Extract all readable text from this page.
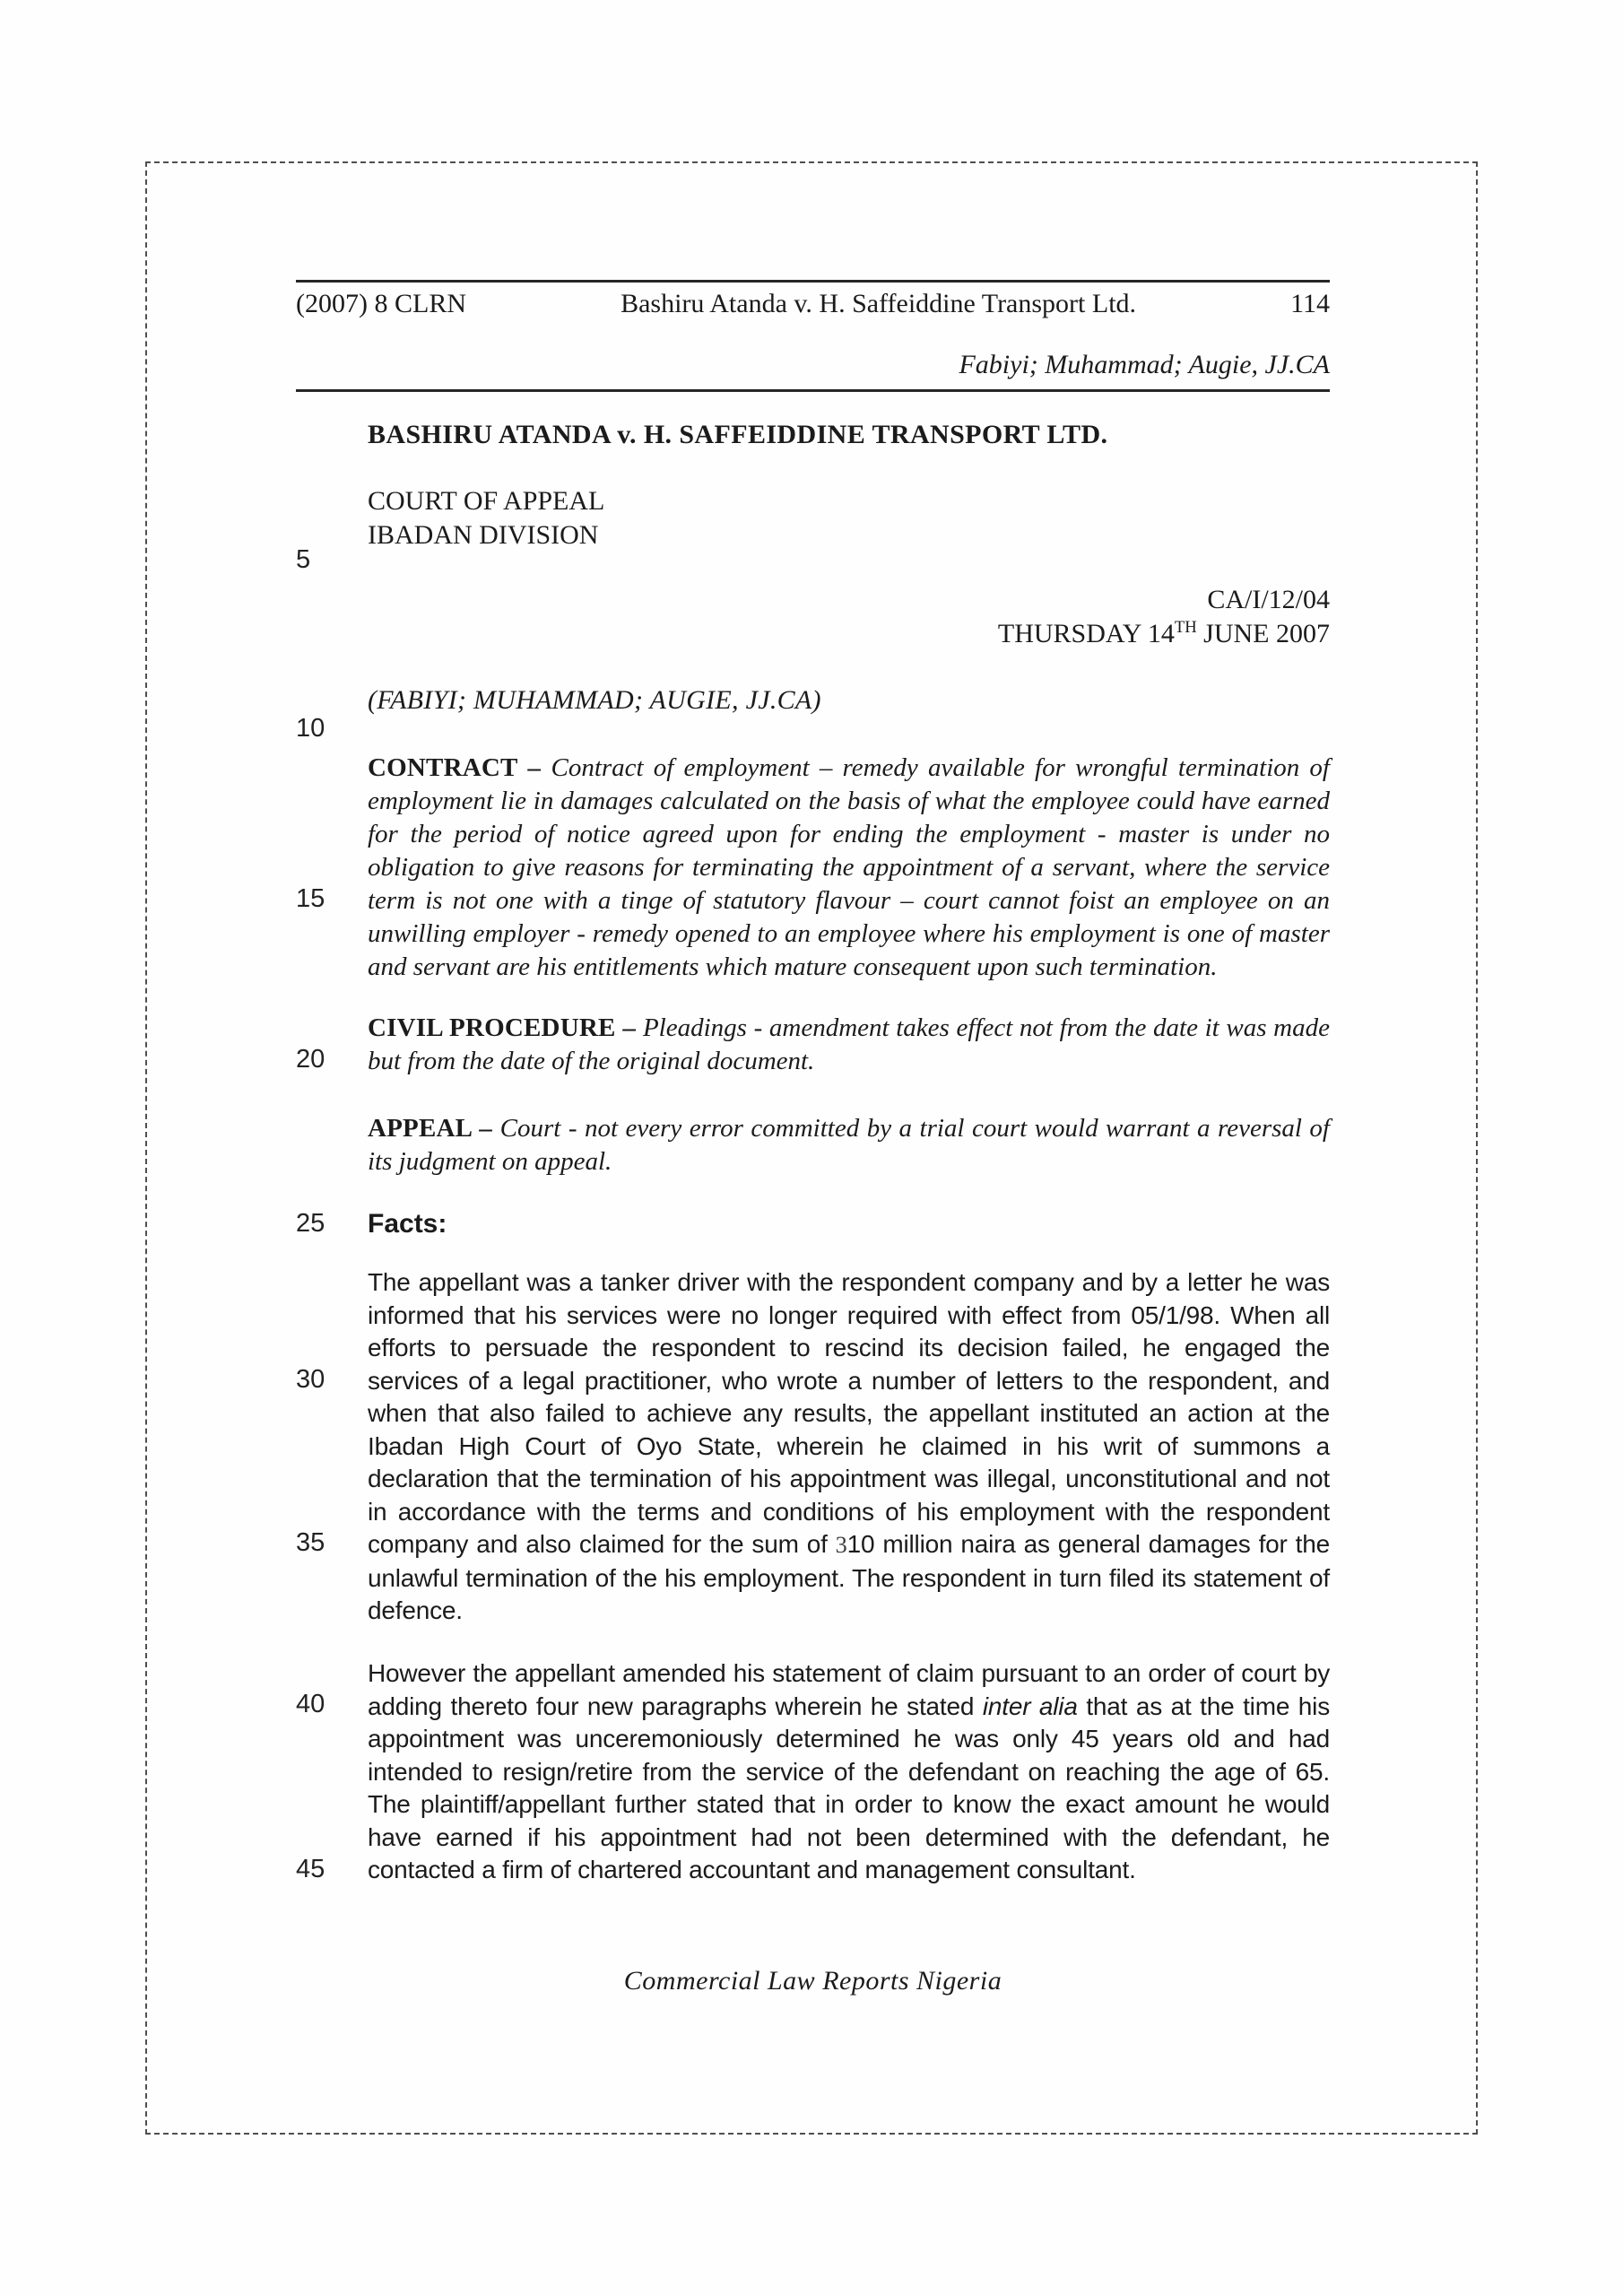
(2007) 8 CLRN	Bashiru Atanda v. H. Saffeiddine Transport Ltd.	114
Fabiyi; Muhammad; Augie, JJ.CA
BASHIRU ATANDA v. H. SAFFEIDDINE TRANSPORT LTD.
COURT OF APPEAL
IBADAN DIVISION
CA/I/12/04
THURSDAY 14TH JUNE 2007
(FABIYI; MUHAMMAD; AUGIE, JJ.CA)
CONTRACT – Contract of employment – remedy available for wrongful termination of employment lie in damages calculated on the basis of what the employee could have earned for the period of notice agreed upon for ending the employment - master is under no obligation to give reasons for terminating the appointment of a servant, where the service term is not one with a tinge of statutory flavour – court cannot foist an employee on an unwilling employer - remedy opened to an employee where his employment is one of master and servant are his entitlements which mature consequent upon such termination.
CIVIL PROCEDURE – Pleadings - amendment takes effect not from the date it was made but from the date of the original document.
APPEAL – Court - not every error committed by a trial court would warrant a reversal of its judgment on appeal.
Facts:
The appellant was a tanker driver with the respondent company and by a letter he was informed that his services were no longer required with effect from 05/1/98. When all efforts to persuade the respondent to rescind its decision failed, he engaged the services of a legal practitioner, who wrote a number of letters to the respondent, and when that also failed to achieve any results, the appellant instituted an action at the Ibadan High Court of Oyo State, wherein he claimed in his writ of summons a declaration that the termination of his appointment was illegal, unconstitutional and not in accordance with the terms and conditions of his employment with the respondent company and also claimed for the sum of 310 million naira as general damages for the unlawful termination of the his employment. The respondent in turn filed its statement of defence.
However the appellant amended his statement of claim pursuant to an order of court by adding thereto four new paragraphs wherein he stated inter alia that as at the time his appointment was unceremoniously determined he was only 45 years old and had intended to resign/retire from the service of the defendant on reaching the age of 65. The plaintiff/appellant further stated that in order to know the exact amount he would have earned if his appointment had not been determined with the defendant, he contacted a firm of chartered accountant and management consultant.
5
10
15
20
25
30
35
40
45
Commercial Law Reports Nigeria
